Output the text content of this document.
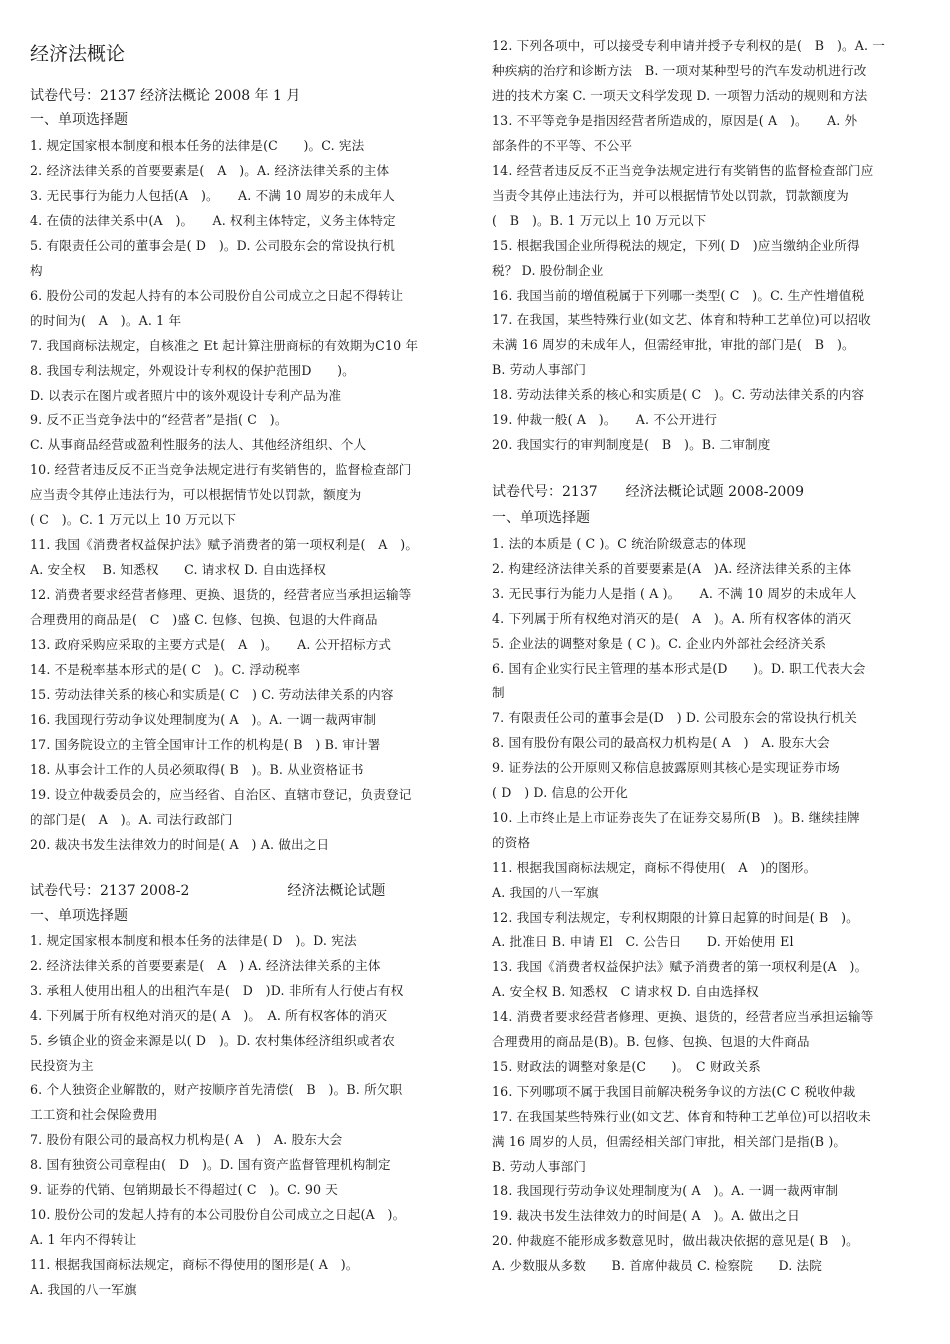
经济法概论
试卷代号：2137 经济法概论 2008 年 1 月
一、单项选择题
1. 规定国家根本制度和根本任务的法律是(C　　)。C. 宪法
2. 经济法律关系的首要要素是(　A　)。A. 经济法律关系的主体
3. 无民事行为能力人包括(A　)。　　A. 不满 10 周岁的未成年人
4. 在债的法律关系中(A　)。　　A. 权利主体特定，义务主体特定
5. 有限责任公司的董事会是( D　)。D. 公司股东会的常设执行机
构
6. 股份公司的发起人持有的本公司股份自公司成立之日起不得转让
的时间为(　A　)。A. 1 年
7. 我国商标法规定，自核准之 Et 起计算注册商标的有效期为C10 年
8. 我国专利法规定，外观设计专利权的保护范围D　　)。
D. 以表示在图片或者照片中的该外观设计专利产品为准
9. 反不正当竞争法中的“经营者”是指( C　)。
C. 从事商品经营或盈利性服务的法人、其他经济组织、个人
10. 经营者违反反不正当竞争法规定进行有奖销售的，监督检查部门
应当责令其停止违法行为，可以根据情节处以罚款，额度为
( C　)。C. 1 万元以上 10 万元以下
11. 我国《消费者权益保护法》赋予消费者的第一项权利是(　A　)。
A. 安全权　 B. 知悉权　　C. 请求权 D. 自由选择权
12. 消费者要求经营者修理、更换、退货的，经营者应当承担运输等
合理费用的商品是(　C　)盛 C. 包修、包换、包退的大件商品
13. 政府采购应采取的主要方式是(　A　)。　　A. 公开招标方式
14. 不是税率基本形式的是( C　)。C. 浮动税率
15. 劳动法律关系的核心和实质是( C　) C. 劳动法律关系的内容
16. 我国现行劳动争议处理制度为( A　)。A. 一调一裁两审制
17. 国务院设立的主管全国审计工作的机构是( B　) B. 审计署
18. 从事会计工作的人员必须取得( B　)。B. 从业资格证书
19. 设立仲裁委员会的，应当经省、自治区、直辖市登记，负责登记
的部门是(　A　)。A. 司法行政部门
20. 裁决书发生法律效力的时间是( A　) A. 做出之日
试卷代号：2137 2008-2　　　　　　　经济法概论试题
一、单项选择题
1. 规定国家根本制度和根本任务的法律是( D　)。D. 宪法
2. 经济法律关系的首要要素是(　A　) A. 经济法律关系的主体
3. 承租人使用出租人的出租汽车是(　D　)D. 非所有人行使占有权
4. 下列属于所有权绝对消灭的是( A　)。　A. 所有权客体的消灭
5. 乡镇企业的资金来源是以( D　)。D. 农村集体经济组织或者农
民投资为主
6. 个人独资企业解散的，财产按顺序首先清偿(　B　)。B. 所欠职
工工资和社会保险费用
7. 股份有限公司的最高权力机构是( A　)　A. 股东大会
8. 国有独资公司章程由(　D　)。D. 国有资产监督管理机构制定
9. 证券的代销、包销期最长不得超过( C　)。C. 90 天
10. 股份公司的发起人持有的本公司股份自公司成立之日起(A　)。
A. 1 年内不得转让
11. 根据我国商标法规定，商标不得使用的图形是( A　)。
A. 我国的八一军旗
12. 下列各项中，可以接受专利申请并授予专利权的是(　B　)。A. 一
种疾病的治疗和诊断方法　B. 一项对某种型号的汽车发动机进行改
进的技术方案 C. 一项天文科学发现 D. 一项智力活动的规则和方法
13. 不平等竞争是指因经营者所造成的，原因是( A　)。　　A. 外
部条件的不平等、不公平
14. 经营者违反反不正当竞争法规定进行有奖销售的监督检查部门应
当责令其停止违法行为，并可以根据情节处以罚款，罚款额度为
(　B　)。B. 1 万元以上 10 万元以下
15. 根据我国企业所得税法的规定，下列( D　)应当缴纳企业所得
税？ D. 股份制企业
16. 我国当前的增值税属于下列哪一类型( C　)。C. 生产性增值税
17. 在我国，某些特殊行业(如文艺、体育和特种工艺单位)可以招收
未满 16 周岁的未成年人，但需经审批，审批的部门是(　B　)。
B. 劳动人事部门
18. 劳动法律关系的核心和实质是( C　)。C. 劳动法律关系的内容
19. 仲裁一般( A　)。　　A. 不公开进行
20. 我国实行的审判制度是(　B　)。B. 二审制度
试卷代号：2137　　经济法概论试题 2008-2009
一、单项选择题
1. 法的本质是 ( C )。C 统治阶级意志的体现
2. 构建经济法律关系的首要要素是(A　)A. 经济法律关系的主体
3. 无民事行为能力人是指 ( A )。　　A. 不满 10 周岁的未成年人
4. 下列属于所有权绝对消灭的是(　A　)。A. 所有权客体的消灭
5. 企业法的调整对象是 ( C )。C. 企业内外部社会经济关系
6. 国有企业实行民主管理的基本形式是(D　　)。D. 职工代表大会
制
7. 有限责任公司的董事会是(D　) D. 公司股东会的常设执行机关
8. 国有股份有限公司的最高权力机构是( A　)　A. 股东大会
9. 证券法的公开原则又称信息披露原则其核心是实现证券市场
( D　) D. 信息的公开化
10. 上市终止是上市证券丧失了在证券交易所(B　)。B. 继续挂牌
的资格
11. 根据我国商标法规定，商标不得使用(　A　)的图形。
A. 我国的八一军旗
12. 我国专利法规定，专利权期限的计算日起算的时间是( B　)。
A. 批准日 B. 申请 El　C. 公告日　　D. 开始使用 El
13. 我国《消费者权益保护法》赋予消费者的第一项权利是(A　)。
A. 安全权 B. 知悉权　C 请求权 D. 自由选择权
14. 消费者要求经营者修理、更换、退货的，经营者应当承担运输等
合理费用的商品是(B)。B. 包修、包换、包退的大件商品
15. 财政法的调整对象是(C　　)。　C 财政关系
16. 下列哪项不属于我国目前解决税务争议的方法(C C 税收仲裁
17. 在我国某些特殊行业(如文艺、体育和特种工艺单位)可以招收未
满 16 周岁的人员，但需经相关部门审批，相关部门是指(B )。
B. 劳动人事部门
18. 我国现行劳动争议处理制度为( A　)。A. 一调一裁两审制
19. 裁决书发生法律效力的时间是( A　)。A. 做出之日
20. 仲裁庭不能形成多数意见时，做出裁决依据的意见是( B　)。
A. 少数服从多数　　B. 首席仲裁员 C. 检察院　　D. 法院
